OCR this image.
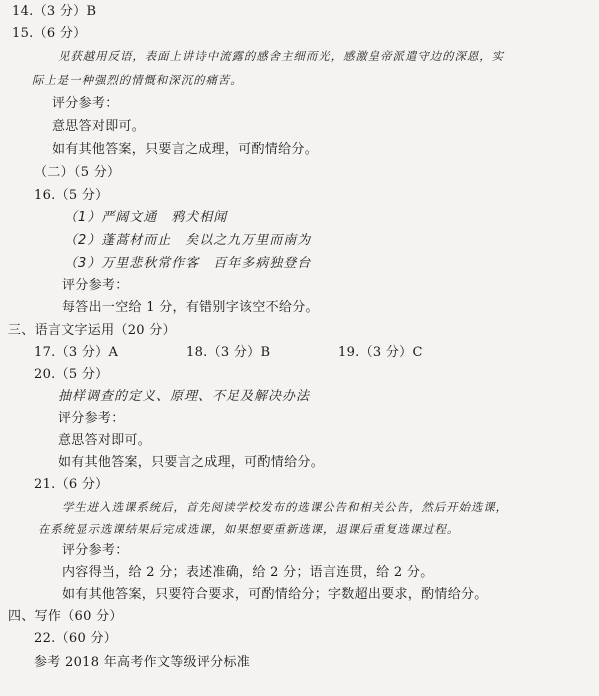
14.（3 分）B
15.（6 分）
见获越用反语，表面上讲诗中流露的感舍主细而光，感激皇帝派遣守边的深恩，实
际上是一种强烈的情慨和深沉的痛苦。
评分参考：
意思答对即可。
如有其他答案，只要言之成理，可酌情给分。
（二）（5 分）
16.（5 分）
（1）严阔文通　鸦犬相闻
（2）蓬蒿材而止　矣以之九万里而南为
（3）万里悲秋常作客　百年多病独登台
评分参考：
每答出一空给 1 分，有错别字该空不给分。
三、语言文字运用（20 分）
17.（3 分）A	18.（3 分）B	19.（3 分）C
20.（5 分）
抽样调查的定义、原理、不足及解决办法
评分参考：
意思答对即可。
如有其他答案，只要言之成理，可酌情给分。
21.（6 分）
学生进入选课系统后，首先阅读学校发布的选课公告和相关公告，然后开始选课，
在系统显示选课结果后完成选课，如果想要重新选课，退课后重复选课过程。
评分参考：
内容得当，给 2 分；表述准确，给 2 分；语言连贯，给 2 分。
如有其他答案，只要符合要求，可酌情给分；字数超出要求，酌情给分。
四、写作（60 分）
22.（60 分）
参考 2018 年高考作文等级评分标准
